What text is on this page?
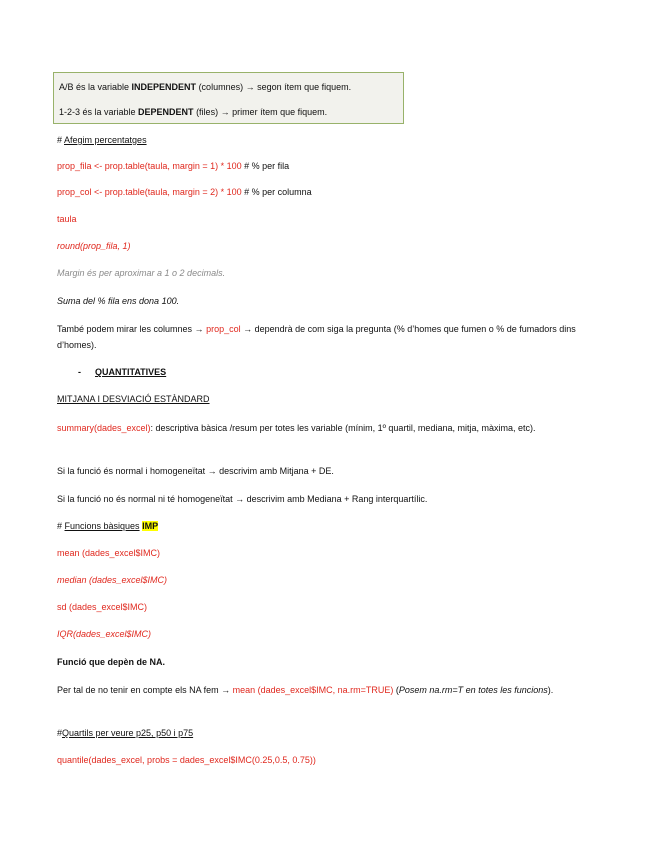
A/B és la variable INDEPENDENT (columnes) → segon ítem que fiquem.
1-2-3 és la variable DEPENDENT (files) → primer ítem que fiquem.
# Afegim percentatges
prop_fila <- prop.table(taula, margin = 1) * 100 # % per fila
prop_col <- prop.table(taula, margin = 2) * 100 # % per columna
taula
round(prop_fila, 1)
Margin és per aproximar a 1 o 2 decimals.
Suma del % fila ens dona 100.
També podem mirar les columnes → prop_col → dependrà de com siga la pregunta (% d’homes que fumen o % de fumadors dins d’homes).
- QUANTITATIVES
MITJANA I DESVIACIÓ ESTÀNDARD
summary(dades_excel): descriptiva bàsica /resum per totes les variable (mínim, 1º quartil, mediana, mitja, màxima, etc).
Si la funció és normal i homogeneïtat → descrivim amb Mitjana + DE.
Si la funció no és normal ni té homogeneïtat → descrivim amb Mediana + Rang interquartílic.
# Funcions bàsiques IMP
mean (dades_excel$IMC)
median (dades_excel$IMC)
sd (dades_excel$IMC)
IQR(dades_excel$IMC)
Funció que depèn de NA.
Per tal de no tenir en compte els NA fem → mean (dades_excel$IMC, na.rm=TRUE) (Posem na.rm=T en totes les funcions).
#Quartils per veure p25, p50 i p75
quantile(dades_excel, probs = dades_excel$IMC(0.25,0.5, 0.75))
